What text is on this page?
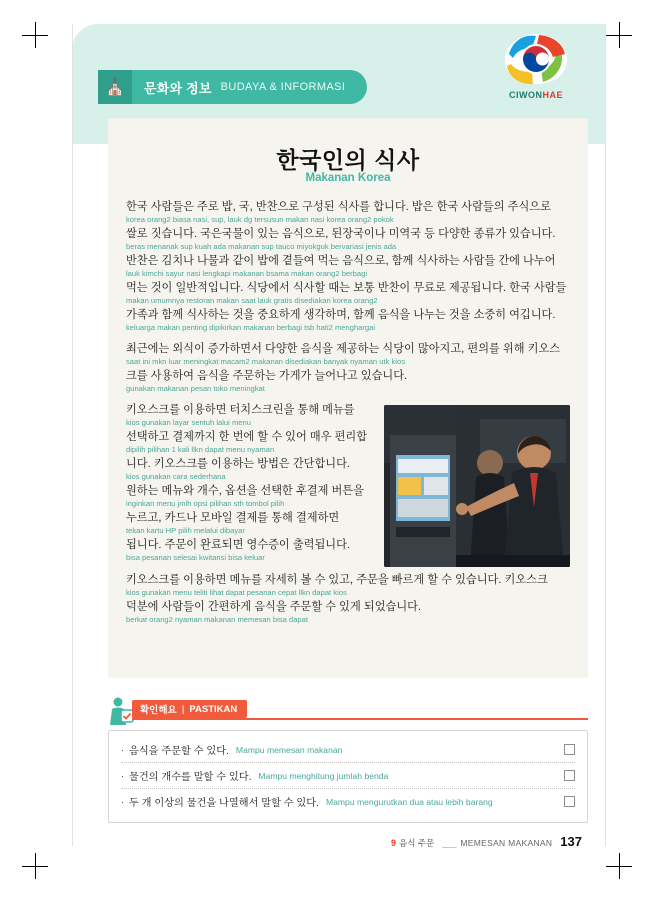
⛪	문화와 정보 BUDAYA & INFORMASI
CIWONHAE
한국인의 식사
Makanan Korea
한국 사람들은 주로 밥, 국, 반찬으로 구성된 식사를 합니다. 밥은 한국 사람들의 주식으로
korea orang2 biasa nasi, sup, lauk dg tersusun makan nasi korea orang2 pokok
쌀로 짓습니다. 국은국물이 있는 음식으로, 된장국이나 미역국 등 다양한 종류가 있습니다.
beras menanak sup kuah ada makanan sup tauco miyokguk bervariasi jenis ada
반찬은 김치나 나물과 같이 밥에 곁들여 먹는 음식으로, 함께 식사하는 사람들 간에 나누어
lauk kimchi sayur nasi lengkapi makanan bsama makan orang2 berbagi
먹는 것이 일반적입니다. 식당에서 식사할 때는 보통 반찬이 무료로 제공됩니다. 한국 사람들
makan umumnya restoran makan saat lauk gratis disediakan korea orang2
가족과 함께 식사하는 것을 중요하게 생각하며, 함께 음식을 나누는 것을 소중히 여깁니다.
keluarga makan penting dipikirkan makanan berbagi tsb hati2 menghargai
최근에는 외식이 증가하면서 다양한 음식을 제공하는 식당이 많아지고, 편의를 위해 키오스
saat ini mkn luar meningkat macam2 makanan disediakan banyak nyaman utk kios
크를 사용하여 음식을 주문하는 가게가 늘어나고 있습니다.
gunakan makanan pesan toko meningkat
키오스크를 이용하면 터치스크린을 통해 메뉴를
kios gunakan layar sentuh lalui menu
선택하고 결제까지 한 번에 할 수 있어 매우 편리합
dipilih pilihan 1 kali llkn dapat menu nyaman
니다. 키오스크를 이용하는 방법은 간단합니다.
kios gunakan cara sederhana
원하는 메뉴와 개수, 옵션을 선택한 후결제 버튼을
inginkan menu jmlh opsi pilihan sth tombol pilih
누르고, 카드나 모바일 결제를 통해 결제하면
tekan kartu HP pilih melalui dibayar
됩니다. 주문이 완료되면 영수증이 출력됩니다.
bisa pesanan selesai kwitansi bisa keluar
키오스크를 이용하면 메뉴를 자세히 볼 수 있고, 주문을 빠르게 할 수 있습니다. 키오스크
kios gunakan menu teliti lihat dapat pesanan cepat llkn dapat kios
덕분에 사람들이 간편하게 음식을 주문할 수 있게 되었습니다.
berkat orang2 nyaman makanan memesan bisa dapat
확인해요 | PASTIKAN
· 음식을 주문할 수 있다. Mampu memesan makanan
· 물건의 개수를 말할 수 있다. Mampu menghitung jumlah benda
· 두 개 이상의 물건을 나열해서 말할 수 있다. Mampu mengurutkan dua atau lebih barang
9 음식 주문 ___ MEMESAN MAKANAN 137
